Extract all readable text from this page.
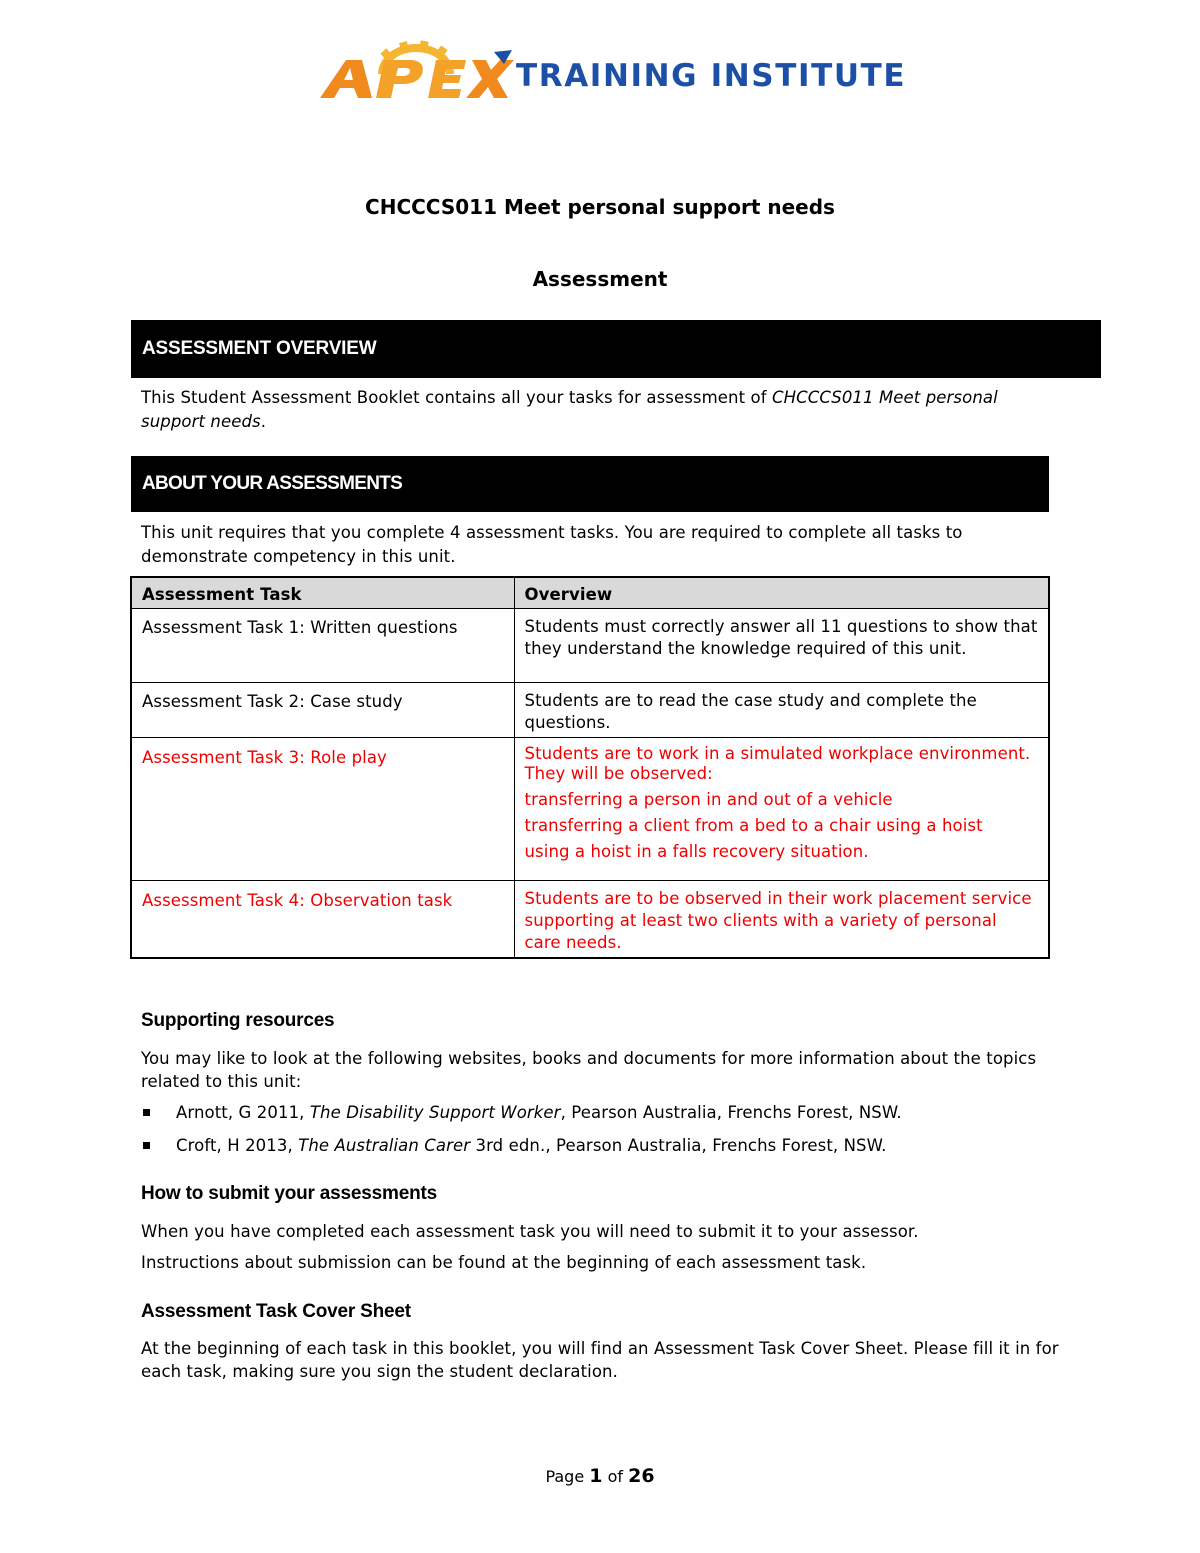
TRAINING INSTITUTE
CHCCCS011 Meet personal support needs
Assessment
ASSESSMENT OVERVIEW
This Student Assessment Booklet contains all your tasks for assessment of CHCCCS011 Meet personal support needs.
ABOUT YOUR ASSESSMENTS
This unit requires that you complete 4 assessment tasks. You are required to complete all tasks to demonstrate competency in this unit.
Assessment Task	Overview
Assessment Task 1: Written questions	Students must correctly answer all 11 questions to show that they understand the knowledge required of this unit.
Assessment Task 2: Case study	Students are to read the case study and complete the questions.
Assessment Task 3: Role play	Students are to work in a simulated workplace environment. They will be observed:
transferring a person in and out of a vehicle
transferring a client from a bed to a chair using a hoist
using a hoist in a falls recovery situation.

Assessment Task 4: Observation task	Students are to be observed in their work placement service supporting at least two clients with a variety of personal care needs.
Supporting resources
You may like to look at the following websites, books and documents for more information about the topics related to this unit:
Arnott, G 2011, The Disability Support Worker, Pearson Australia, Frenchs Forest, NSW.
Croft, H 2013, The Australian Carer 3rd edn., Pearson Australia, Frenchs Forest, NSW.
How to submit your assessments
When you have completed each assessment task you will need to submit it to your assessor.
Instructions about submission can be found at the beginning of each assessment task.
Assessment Task Cover Sheet
At the beginning of each task in this booklet, you will find an Assessment Task Cover Sheet. Please fill it in for each task, making sure you sign the student declaration.
Page 1 of 26
